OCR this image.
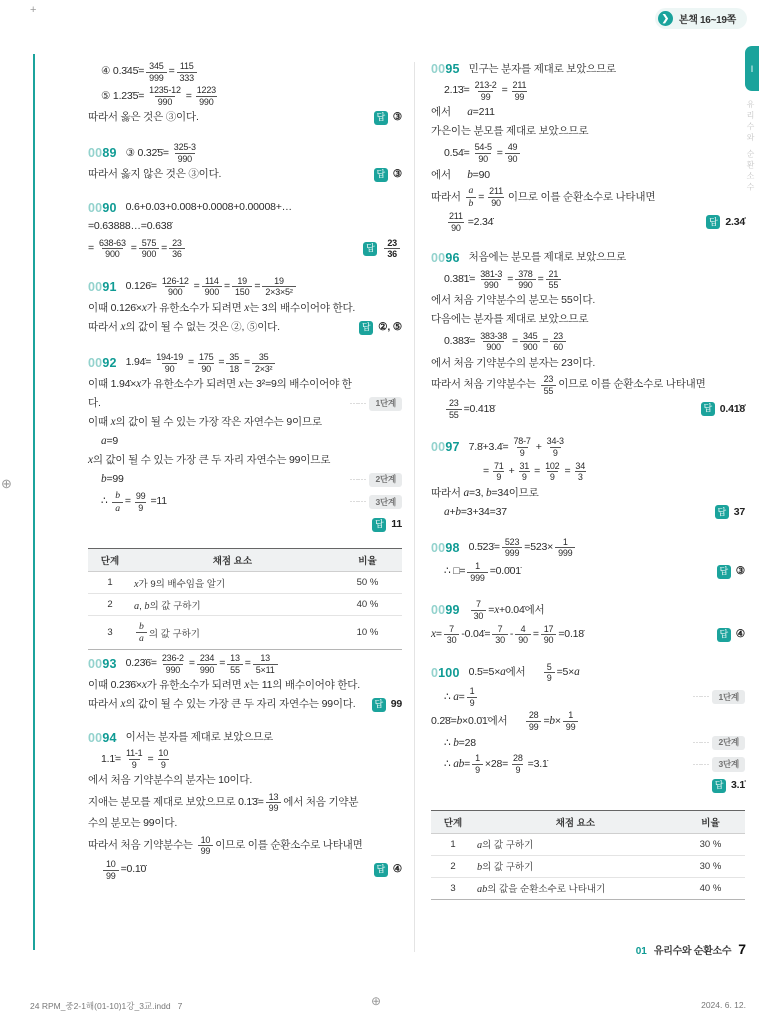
+
⊕
⊕
❯ 본책 16~19쪽
I
유리수와 순환소수
④ 0.3̇45̇= $\frac{345}{999} = \frac{115}{333}$
⑤ 1.23̇5̇= $\frac{1235-12}{990} = \frac{1223}{990}$
따라서 옳은 것은 ③이다.	답 ③
0089 ③ 0.32̇5̇= $\frac{325-3}{990}$
따라서 옳지 않은 것은 ③이다.	답 ③
0090 0.6+0.03+0.008+0.0008+0.00008+…
=0.63888…=0.638̇
= $\frac{638-63}{900} = \frac{575}{900} = \frac{23}{36}$	답	$\frac{23}{36}$
0091 0.126̇= $\frac{126-12}{900} = \frac{114}{900} = \frac{19}{150} = \frac{19}{\text{2×3×5²}}$
이때 0.126̇×x가 유한소수가 되려면 x는 3의 배수이어야 한다.
따라서 x의 값이 될 수 없는 것은 ②, ⑤이다.	답 ②, ⑤
0092 1.94̇= $\frac{194-19}{90} = \frac{175}{90} = \frac{35}{18} = \frac{35}{\text{2×3²}}$
이때 1.94̇×x가 유한소수가 되려면 x는 3²=9의 배수이어야 한
다.	⋯⋯	1단계
이때 x의 값이 될 수 있는 가장 작은 자연수는 9이므로
a=9
x의 값이 될 수 있는 가장 큰 두 자리 자연수는 99이므로
b=99	⋯⋯	2단계
∴ $\frac{b}{a} = \frac{99}{9} =11$	⋯⋯	3단계
답 11
단계	채점 요소	비율
1	x가 9의 배수임을 알기	50 %
2	a, b의 값 구하기	40 %
3	$\frac{b}{a}$ 의 값 구하기	10 %
0093 0.23̇6̇= $\frac{236-2}{990} = \frac{234}{990} = \frac{13}{55} = \frac{13}{5\times 11}$
이때 0.23̇6̇×x가 유한소수가 되려면 x는 11의 배수이어야 한다.
따라서 x의 값이 될 수 있는 가장 큰 두 자리 자연수는 99이다.	답 99
0094 이서는 분자를 제대로 보았으므로
1.1̇= $\frac{11-1}{9} = \frac{10}{9}$
에서 처음 기약분수의 분자는 10이다.
지애는 분모를 제대로 보았으므로 0.1̇3̇= $\frac{13}{99}$ 에서 처음 기약분
수의 분모는 99이다.
따라서 처음 기약분수는 $\frac{10}{99}$ 이므로 이를 순환소수로 나타내면
$\frac{10}{99}$ =0.1̇0̇	답 ④
0095 민구는 분자를 제대로 보았으므로
2.1̇3̇= $\frac{213-2}{99} = \frac{211}{99}$
에서      a=211
가은이는 분모를 제대로 보았으므로
0.54̇= $\frac{54-5}{90} = \frac{49}{90}$
에서      b=90
따라서 $\frac{a}{b} = \frac{211}{90}$ 이므로 이를 순환소수로 나타내면
$\frac{211}{90}$ =2.34̇	답 2.34̇
0096 처음에는 분모를 제대로 보았으므로
0.38̇1̇= $\frac{381-3}{990} = \frac{378}{990} = \frac{21}{55}$
에서 처음 기약분수의 분모는 55이다.
다음에는 분자를 제대로 보았으므로
0.383̇= $\frac{383-38}{900} = \frac{345}{900} = \frac{23}{60}$
에서 처음 기약분수의 분자는 23이다.
따라서 처음 기약분수는 $\frac{23}{55}$ 이므로 이를 순환소수로 나타내면
$\frac{23}{55}$ =0.41̇8̇	답 0.41̇8̇
0097 7.8̇+3.4̇= $\frac{78-7}{9} + \frac{34-3}{9}$
= $\frac{71}{9} + \frac{31}{9} = \frac{102}{9} = \frac{34}{3}$
따라서 a=3, b=34이므로
a+b=3+34=37	답 37
0098 0.5̇23̇= $\frac{523}{999} =523\times \frac{1}{999}$
∴ □= $\frac{1}{999}$ =0.0̇01̇	답 ③
$0099 \frac{7}{30}$ =x+0.04̇에서
$x= \frac{7}{30}$ -0.04̇= $\frac{7}{30} - \frac{4}{90} = \frac{17}{90}$ =0.18̇	답 ④
0100 0.5̇=5×a에서 $\frac{5}{9} =5\times a$
∴ $a= \frac{1}{9}$	⋯⋯	1단계
0.2̇8̇=b×0.0̇1̇에서 $\frac{28}{99} =b\times \frac{1}{99}$
∴ b=28	⋯⋯	2단계
∴ $ab= \frac{1}{9} \times 28= \frac{28}{9}$ =3.1̇	⋯⋯	3단계
답 3.1̇
단계	채점 요소	비율
1	a의 값 구하기	30 %
2	b의 값 구하기	30 %
3	ab의 값을 순환소수로 나타내기	40 %
01 유리수와 순환소수 7
24 RPM_중2-1해(01-10)1강_3교.indd   7	2024. 6. 12.
